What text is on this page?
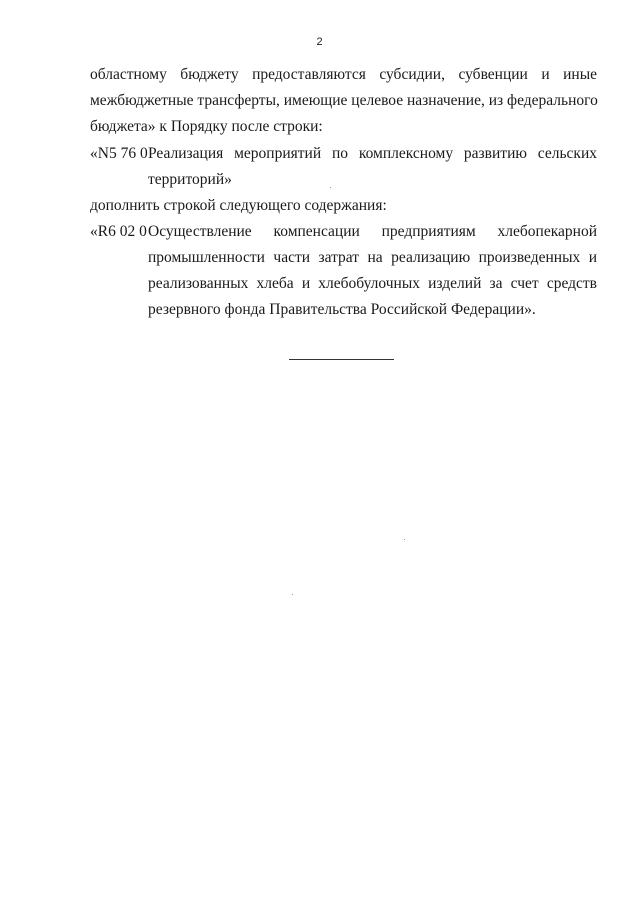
2
областному бюджету предоставляются субсидии, субвенции и иные
межбюджетные трансферты, имеющие целевое назначение, из федерального
бюджета» к Порядку после строки:
«N5 76 0 Реализация мероприятий по комплексному развитию сельских
территорий»
дополнить строкой следующего содержания:
«R6 02 0 Осуществление компенсации предприятиям хлебопекарной
промышленности части затрат на реализацию произведенных и
реализованных хлеба и хлебобулочных изделий за счет средств
резервного фонда Правительства Российской Федерации».
